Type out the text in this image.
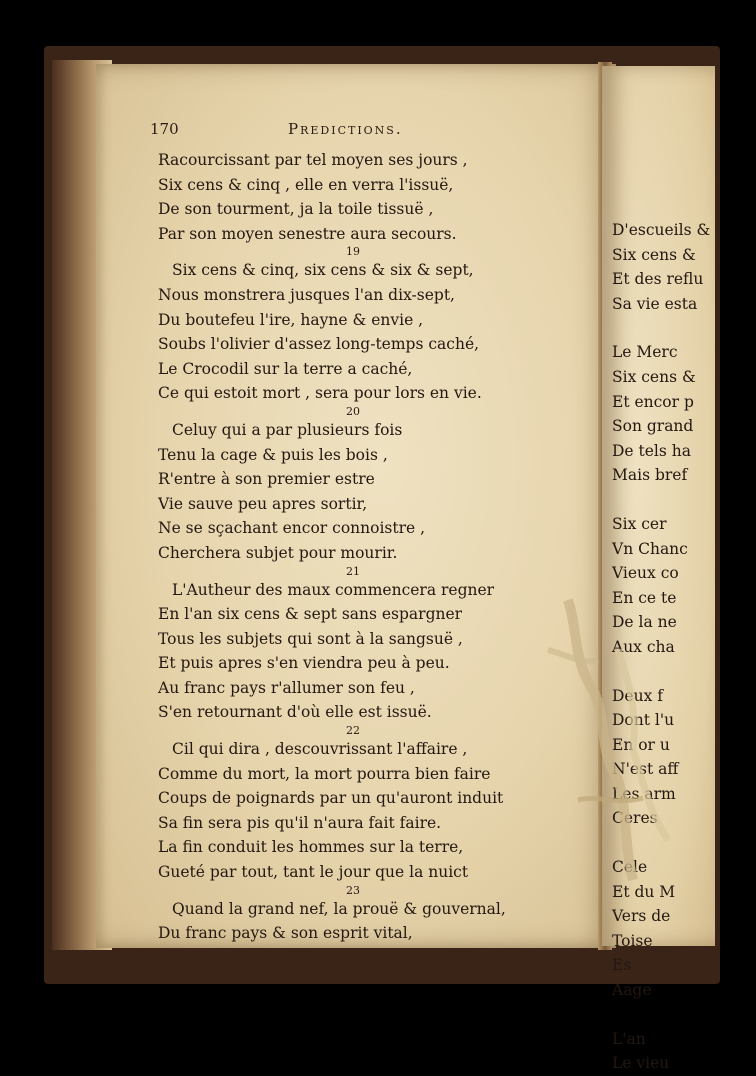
D'escueils &
Six cens &
Et des reflu
Sa vie esta
Le Merc
Six cens &
Et encor p
Son grand
De tels ha
Mais bref
Six cer
Vn Chanc
Vieux co
En ce te
De la ne
Aux cha
Deux f
Dont l'u
En or u
N'est aff
Les arm
Ceres
Cele
Et du M
Vers de
Toise
Es
Aage
L'an
Le vieu
170	Predictions.
Racourcissant par tel moyen ses jours ,
Six cens & cinq , elle en verra l'issuë,
De son tourment, ja la toile tissuë ,
Par son moyen senestre aura secours.
19
Six cens & cinq, six cens & six & sept,
Nous monstrera jusques l'an dix-sept,
Du boutefeu l'ire, hayne & envie ,
Soubs l'olivier d'assez long-temps caché,
Le Crocodil sur la terre a caché,
Ce qui estoit mort , sera pour lors en vie.
20
Celuy qui a par plusieurs fois
Tenu la cage & puis les bois ,
R'entre à son premier estre
Vie sauve peu apres sortir,
Ne se sçachant encor connoistre ,
Cherchera subjet pour mourir.
21
L'Autheur des maux commencera regner
En l'an six cens & sept sans espargner
Tous les subjets qui sont à la sangsuë ,
Et puis apres s'en viendra peu à peu.
Au franc pays r'allumer son feu ,
S'en retournant d'où elle est issuë.
22
Cil qui dira , descouvrissant l'affaire ,
Comme du mort, la mort pourra bien faire
Coups de poignards par un qu'auront induit
Sa fin sera pis qu'il n'aura fait faire.
La fin conduit les hommes sur la terre,
Gueté par tout, tant le jour que la nuict
23
Quand la grand nef, la prouë & gouvernal,
Du franc pays & son esprit vital,
